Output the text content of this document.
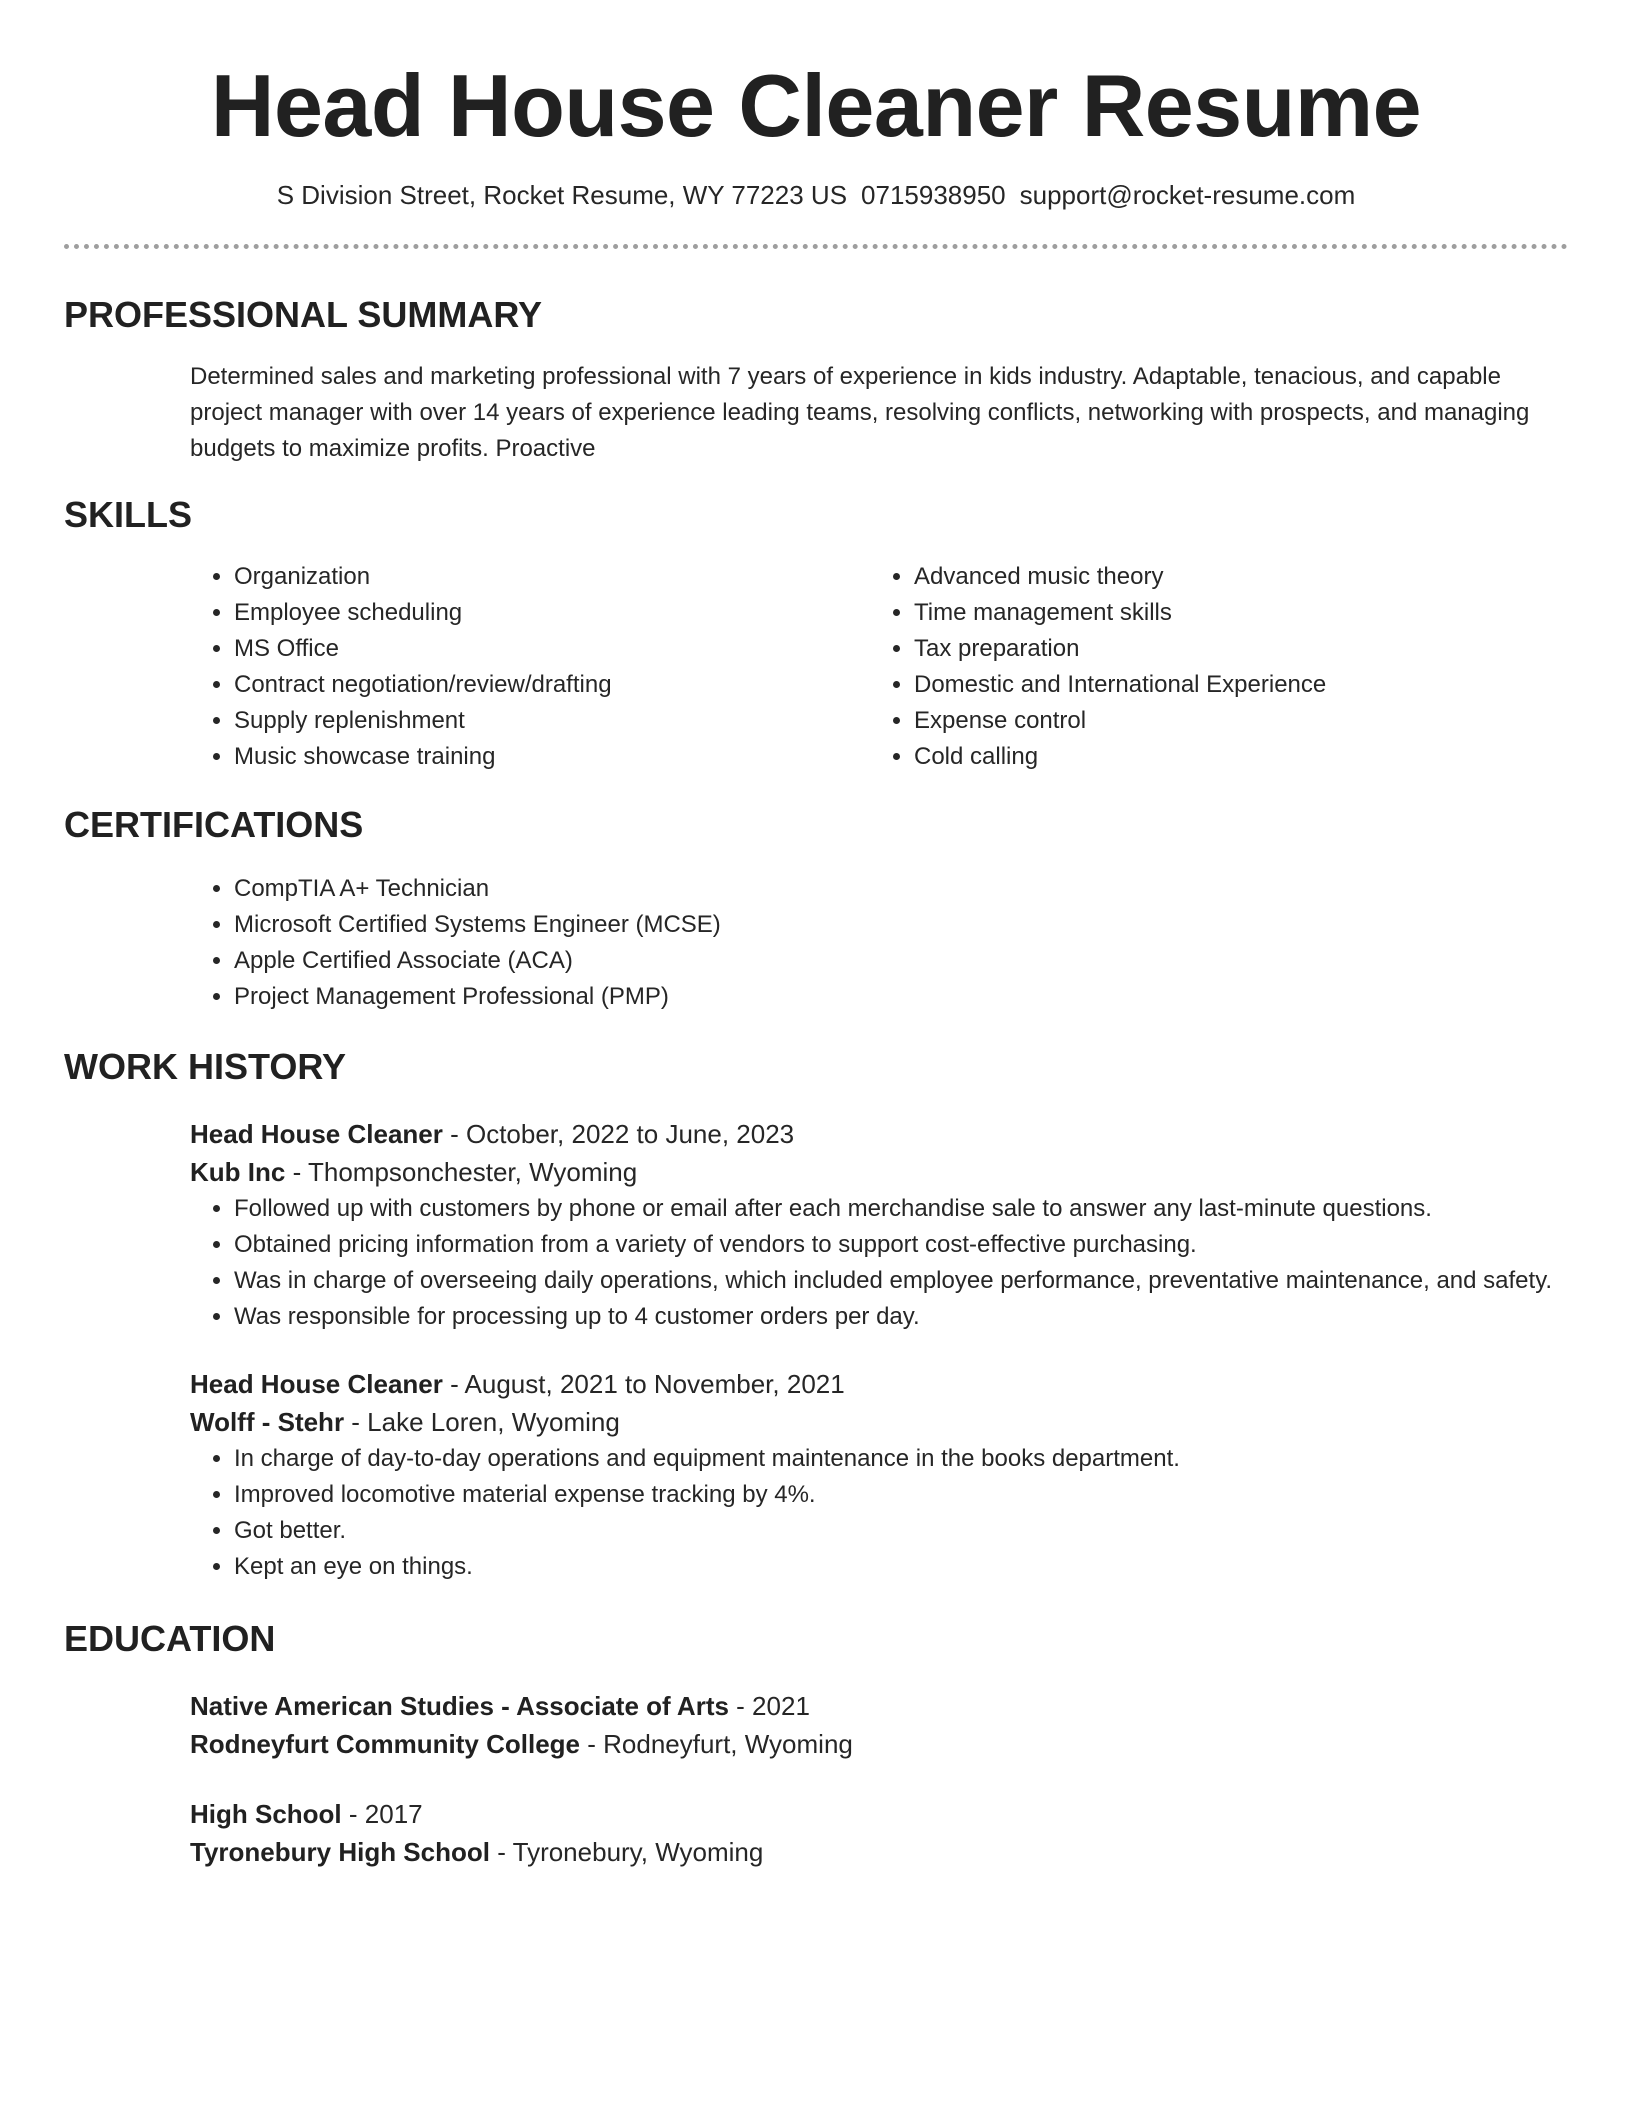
Head House Cleaner Resume
S Division Street, Rocket Resume, WY 77223 US 0715938950 support@rocket-resume.com
PROFESSIONAL SUMMARY
Determined sales and marketing professional with 7 years of experience in kids industry. Adaptable, tenacious, and capable project manager with over 14 years of experience leading teams, resolving conflicts, networking with prospects, and managing budgets to maximize profits. Proactive
SKILLS
• Organization
• Employee scheduling
• MS Office
• Contract negotiation/review/drafting
• Supply replenishment
• Music showcase training
• Advanced music theory
• Time management skills
• Tax preparation
• Domestic and International Experience
• Expense control
• Cold calling
CERTIFICATIONS
• CompTIA A+ Technician
• Microsoft Certified Systems Engineer (MCSE)
• Apple Certified Associate (ACA)
• Project Management Professional (PMP)
WORK HISTORY
Head House Cleaner - October, 2022 to June, 2023
Kub Inc - Thompsonchester, Wyoming
• Followed up with customers by phone or email after each merchandise sale to answer any last-minute questions.
• Obtained pricing information from a variety of vendors to support cost-effective purchasing.
• Was in charge of overseeing daily operations, which included employee performance, preventative maintenance, and safety.
• Was responsible for processing up to 4 customer orders per day.
Head House Cleaner - August, 2021 to November, 2021
Wolff - Stehr - Lake Loren, Wyoming
• In charge of day-to-day operations and equipment maintenance in the books department.
• Improved locomotive material expense tracking by 4%.
• Got better.
• Kept an eye on things.
EDUCATION
Native American Studies - Associate of Arts - 2021
Rodneyfurt Community College - Rodneyfurt, Wyoming
High School - 2017
Tyronebury High School - Tyronebury, Wyoming
